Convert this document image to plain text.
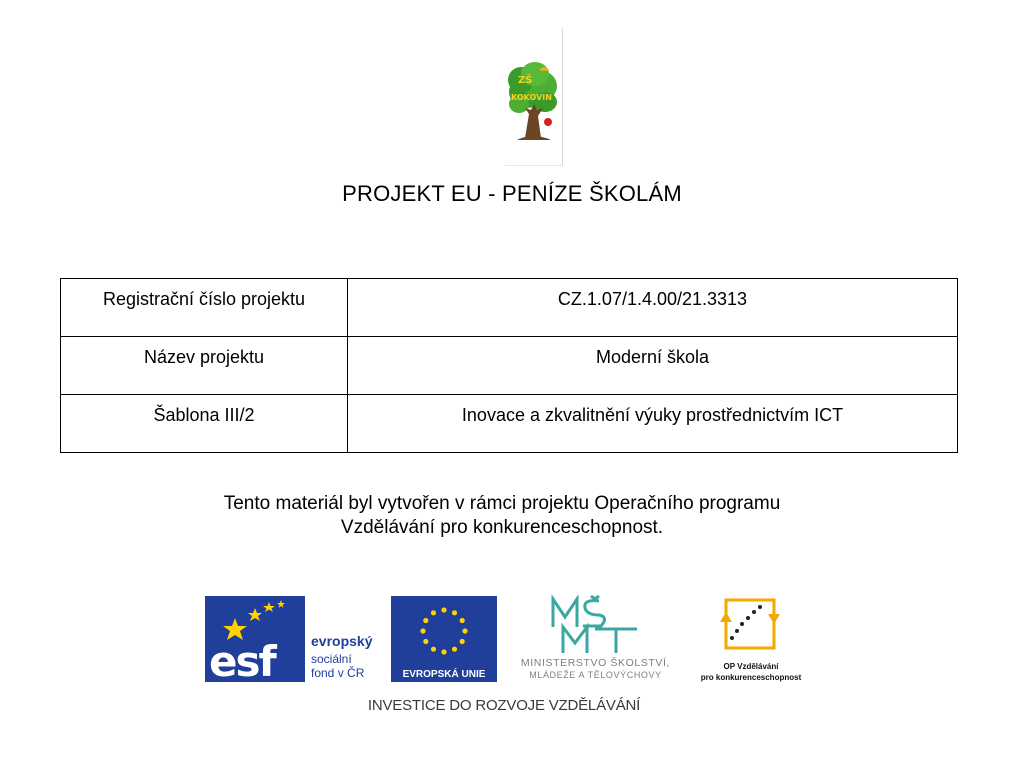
ZŠ
KOKOVIN
PROJEKT EU - PENÍZE ŠKOLÁM
Registrační číslo projektu	CZ.1.07/1.4.00/21.3313
Název projektu	Moderní škola
Šablona III/2	Inovace a zkvalitnění výuky prostřednictvím ICT
Tento materiál byl vytvořen v rámci projektu Operačního programu
Vzdělávání pro konkurenceschopnost.
esf	evropský
sociální
fond v ČR	EVROPSKÁ UNIE
MINISTERSTVO ŠKOLSTVÍ,
MLÁDEŽE A TĚLOVÝCHOVY
OP Vzdělávání
pro konkurenceschopnost
INVESTICE DO ROZVOJE VZDĚLÁVÁNÍ
